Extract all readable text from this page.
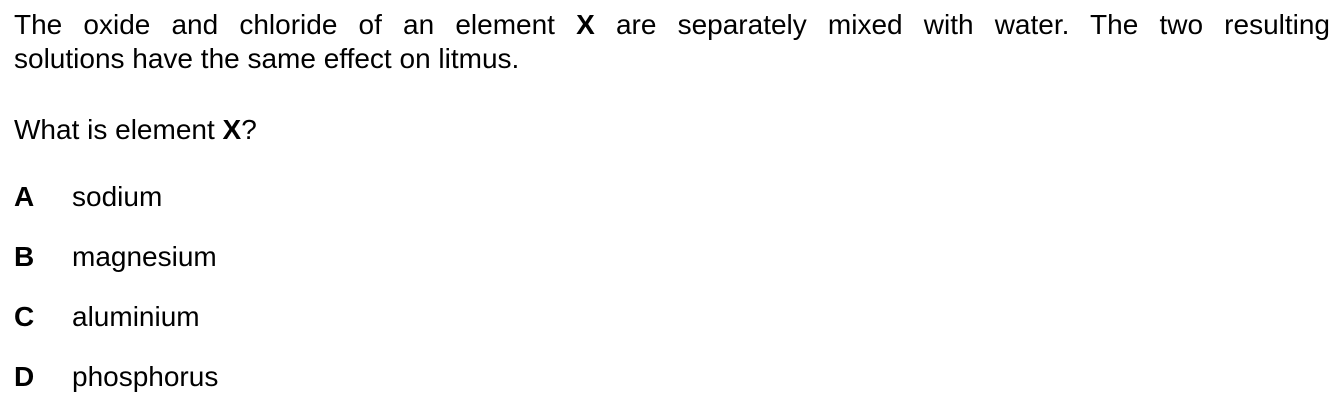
The oxide and chloride of an element X are separately mixed with water. The two resulting
solutions have the same effect on litmus.
What is element X?
A sodium
B magnesium
C aluminium
D phosphorus
